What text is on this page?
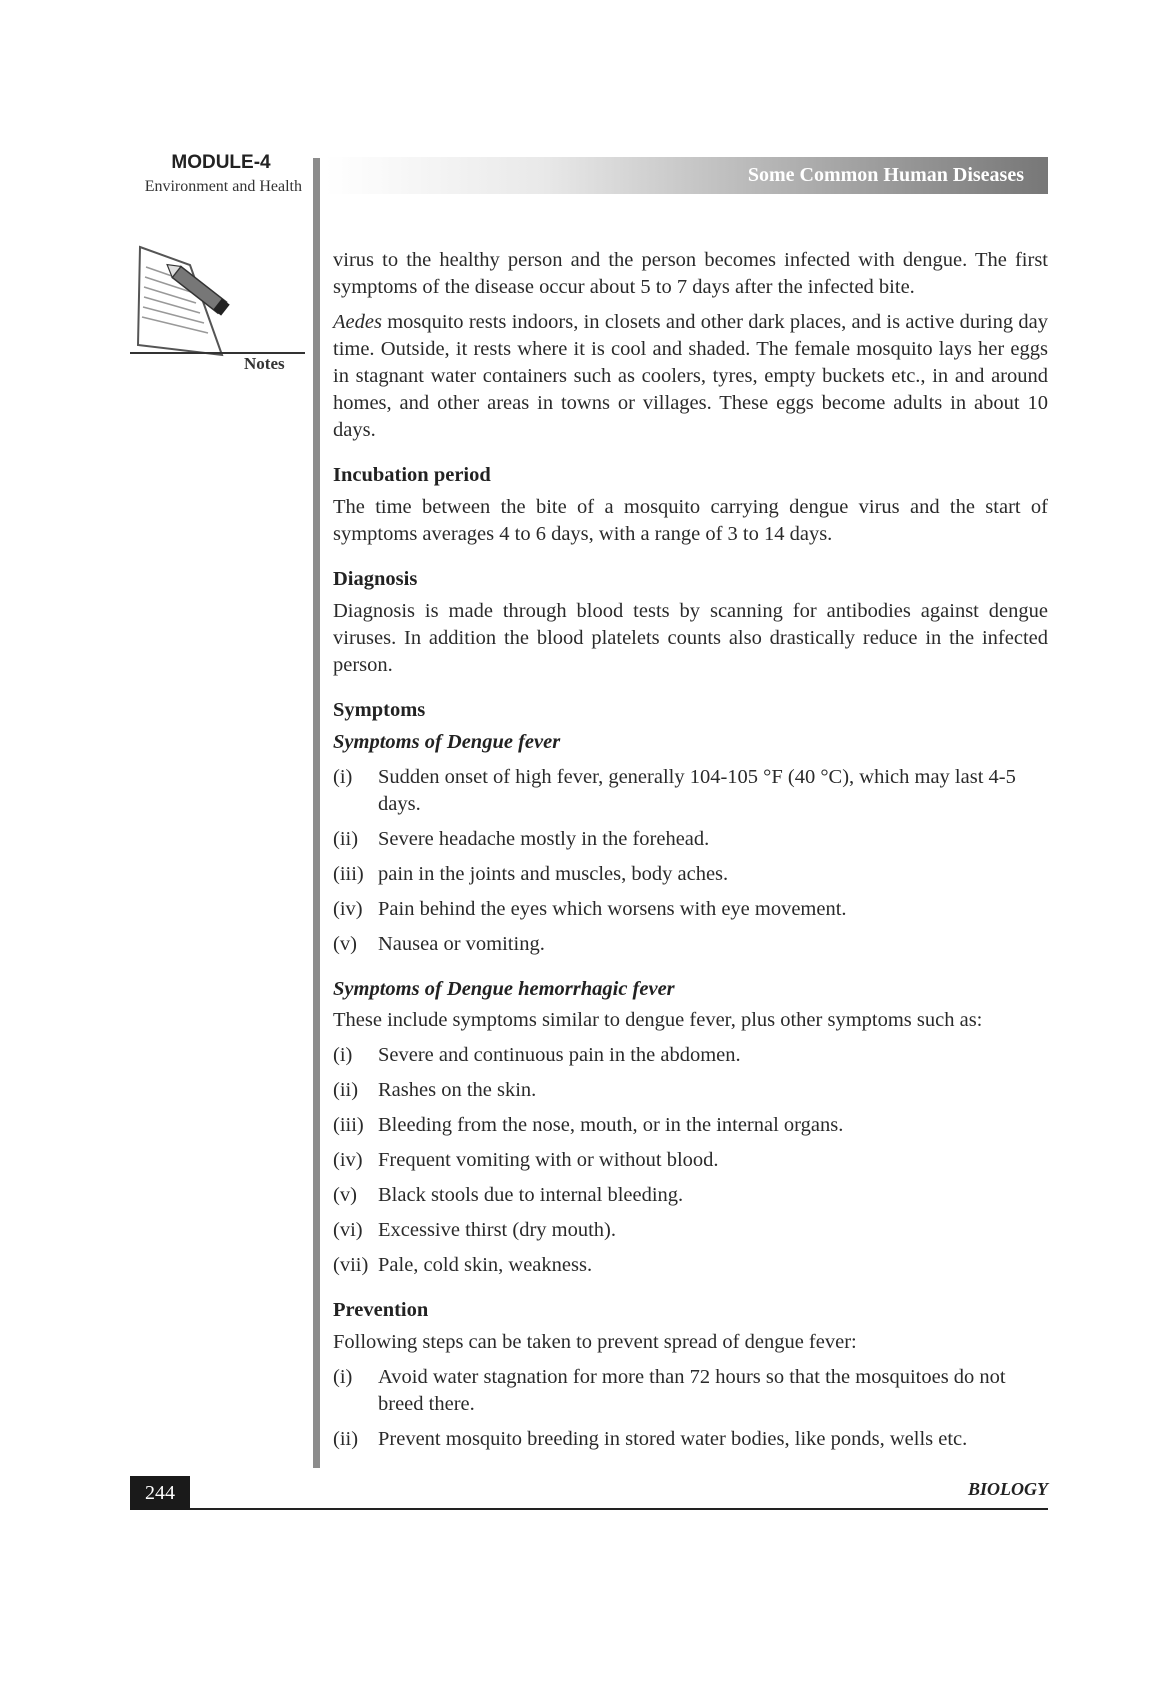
MODULE-4
Environment and Health
Some Common Human Diseases
Notes

virus to the healthy person and the person becomes infected with dengue. The first symptoms of the disease occur about 5 to 7 days after the infected bite.

Aedes mosquito rests indoors, in closets and other dark places, and is active during day time. Outside, it rests where it is cool and shaded. The female mosquito lays her eggs in stagnant water containers such as coolers, tyres, empty buckets etc., in and around homes, and other areas in towns or villages. These eggs become adults in about 10 days.

Incubation period

The time between the bite of a mosquito carrying dengue virus and the start of symptoms averages 4 to 6 days, with a range of 3 to 14 days.

Diagnosis

Diagnosis is made through blood tests by scanning for antibodies against dengue viruses. In addition the blood platelets counts also drastically reduce in the infected person.

Symptoms
Symptoms of Dengue fever
(i)	Sudden onset of high fever, generally 104-105 °F (40 °C), which may last 4-5 days.
(ii) Severe headache mostly in the forehead.
(iii) pain in the joints and muscles, body aches.
(iv) Pain behind the eyes which worsens with eye movement.
(v)	Nausea or vomiting.
Symptoms of Dengue hemorrhagic fever

These include symptoms similar to dengue fever, plus other symptoms such as:

(i)	Severe and continuous pain in the abdomen.
(ii) Rashes on the skin.
(iii) Bleeding from the nose, mouth, or in the internal organs.
(iv) Frequent vomiting with or without blood.
(v)	Black stools due to internal bleeding.
(vi) Excessive thirst (dry mouth).
(vii) Pale, cold skin, weakness.
Prevention

Following steps can be taken to prevent spread of dengue fever:

(i)	Avoid water stagnation for more than 72 hours so that the mosquitoes do not breed there.
(ii) Prevent mosquito breeding in stored water bodies, like ponds, wells etc.
244	BIOLOGY
